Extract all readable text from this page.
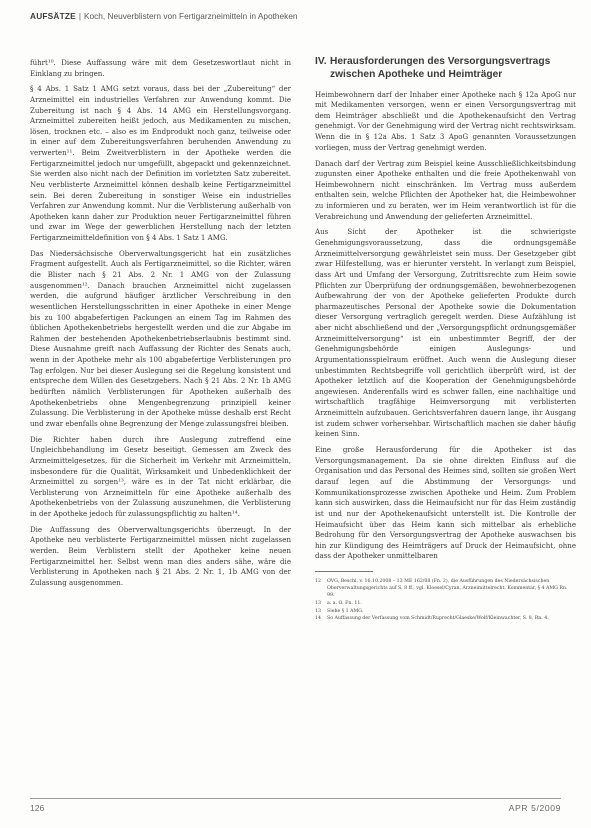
AUFSÄTZE | Koch, Neuverblistern von Fertigarzneimitteln in Apotheken

führt¹⁰. Diese Auffassung wäre mit dem Gesetzeswortlaut nicht in Einklang zu bringen.

§ 4 Abs. 1 Satz 1 AMG setzt voraus, dass bei der „Zubereitung“ der Arzneimittel ein industrielles Verfahren zur Anwendung kommt. Die Zubereitung ist nach § 4 Abs. 14 AMG ein Herstellungsvorgang. Arzneimittel zubereiten heißt jedoch, aus Medikamenten zu mischen, lösen, trocknen etc. – also es im Endprodukt noch ganz, teilweise oder in einer auf dem Zubereitungsverfahren beruhenden Anwendung zu verwerten¹¹. Beim Zweitverblistern in der Apotheke werden die Fertigarzneimittel jedoch nur umgefüllt, abgepackt und gekennzeichnet. Sie werden also nicht nach der Definition im vorletzten Satz zubereitet. Neu verblisterte Arzneimittel können deshalb keine Fertigarzneimittel sein. Bei deren Zubereitung in sonstiger Weise ein industrielles Verfahren zur Anwendung kommt. Nur die Verblisterung außerhalb von Apotheken kann daher zur Produktion neuer Fertigarzneimittel führen und zwar im Wege der gewerblichen Herstellung nach der letzten Fertigarzneimitteldefinition von § 4 Abs. 1 Satz 1 AMG.

Das Niedersächsische Oberverwaltungsgericht hat ein zusätzliches Fragment aufgestellt. Auch als Fertigarzneimittel, so die Richter, wären die Blister nach § 21 Abs. 2 Nr. 1 AMG von der Zulassung ausgenommen¹². Danach brauchen Arzneimittel nicht zugelassen werden, die aufgrund häufiger ärztlicher Verschreibung in den wesentlichen Herstellungsschritten in einer Apotheke in einer Menge bis zu 100 abgabefertigen Packungen an einem Tag im Rahmen des üblichen Apothekenbetriebs hergestellt werden und die zur Abgabe im Rahmen der bestehenden Apothekenbetriebserlaubnis bestimmt sind. Diese Ausnahme greift nach Auffassung der Richter des Senats auch, wenn in der Apotheke mehr als 100 abgabefertige Verblisterungen pro Tag erfolgen. Nur bei dieser Auslegung sei die Regelung konsistent und entspreche dem Willen des Gesetzgebers. Nach § 21 Abs. 2 Nr. 1b AMG bedürften nämlich Verblisterungen für Apotheken außerhalb des Apothekenbetriebs ohne Mengenbegrenzung prinzipiell keiner Zulassung. Die Verblisterung in der Apotheke müsse deshalb erst Recht und zwar ebenfalls ohne Begrenzung der Menge zulassungsfrei bleiben.

Die Richter haben durch ihre Auslegung zutreffend eine Ungleichbehandlung im Gesetz beseitigt. Gemessen am Zweck des Arzneimittelgesetzes, für die Sicherheit im Verkehr mit Arzneimitteln, insbesondere für die Qualität, Wirksamkeit und Unbedenklichkeit der Arzneimittel zu sorgen¹³, wäre es in der Tat nicht erklärbar, die Verblisterung von Arzneimitteln für eine Apotheke außerhalb des Apothekenbetriebs von der Zulassung auszunehmen, die Verblisterung in der Apotheke jedoch für zulassungspflichtig zu halten¹⁴.

Die Auffassung des Oberverwaltungsgerichts überzeugt. In der Apotheke neu verblisterte Fertigarzneimittel müssen nicht zugelassen werden. Beim Verblistern stellt der Apotheker keine neuen Fertigarzneimittel her. Selbst wenn man dies anders sähe, wäre die Verblisterung in Apotheken nach § 21 Abs. 2 Nr. 1, 1b AMG von der Zulassung ausgenommen.

IV. Herausforderungen des Versorgungsvertrags zwischen Apotheke und Heimträger

Heimbewohnern darf der Inhaber einer Apotheke nach § 12a ApoG nur mit Medikamenten versorgen, wenn er einen Versorgungsvertrag mit dem Heimträger abschließt und die Apothekenaufsicht den Vertrag genehmigt. Vor der Genehmigung wird der Vertrag nicht rechtswirksam. Wenn die in § 12a Abs. 1 Satz 3 ApoG genannten Voraussetzungen vorliegen, muss der Vertrag genehmigt werden.

Danach darf der Vertrag zum Beispiel keine Ausschließlichkeitsbindung zugunsten einer Apotheke enthalten und die freie Apothekenwahl von Heimbewohnern nicht einschränken. Im Vertrag muss außerdem enthalten sein, welche Pflichten der Apotheker hat, die Heimbewohner zu informieren und zu beraten, wer im Heim verantwortlich ist für die Verabreichung und Anwendung der gelieferten Arzneimittel.

Aus Sicht der Apotheker ist die schwierigste Genehmigungsvoraussetzung, dass die ordnungsgemäße Arzneimittelversorgung gewährleistet sein muss. Der Gesetzgeber gibt zwar Hilfestellung, was er hierunter versteht. In verlangt zum Beispiel, dass Art und Umfang der Versorgung, Zutrittsrechte zum Heim sowie Pflichten zur Überprüfung der ordnungsgemäßen, bewohnerbezogenen Aufbewahrung der von der Apotheke gelieferten Produkte durch pharmazeutisches Personal der Apotheke sowie die Dokumentation dieser Versorgung vertraglich geregelt werden. Diese Aufzählung ist aber nicht abschließend und der „Versorgungspflicht ordnungsgemäßer Arzneimittelversorgung“ ist ein unbestimmter Begriff, der der Genehmigungsbehörde einigen Auslegungs- und Argumentationsspielraum eröffnet. Auch wenn die Auslegung dieser unbestimmten Rechtsbegriffe voll gerichtlich überprüft wird, ist der Apotheker letztlich auf die Kooperation der Genehmigungsbehörde angewiesen. Anderenfalls wird es schwer fallen, eine nachhaltige und wirtschaftlich tragfähige Heimversorgung mit verblisterten Arzneimitteln aufzubauen. Gerichtsverfahren dauern lange, ihr Ausgang ist zudem schwer vorhersehbar. Wirtschaftlich machen sie daher häufig keinen Sinn.

Eine große Herausforderung für die Apotheker ist das Versorgungsmanagement. Da sie ohne direkten Einfluss auf die Organisation und das Personal des Heimes sind, sollten sie großen Wert darauf legen auf die Abstimmung der Versorgungs- und Kommunikationsprozesse zwischen Apotheke und Heim. Zum Problem kann sich auswirken, dass die Heimaufsicht nur für das Heim zuständig ist und nur der Apothekenaufsicht unterstellt ist. Die Kontrolle der Heimaufsicht über das Heim kann sich mittelbar als erhebliche Bedrohung für den Versorgungsvertrag der Apotheke auswachsen bis hin zur Kündigung des Heimträgers auf Druck der Heimaufsicht, ohne dass der Apotheker unmittelbaren

12	OVG, Beschl. v. 16.10.2008 – 13 ME 162/08 (Fn. 2), die Ausführungen des Niedersächsischen Oberverwaltungsgerichts auf S. 8 ff., vgl. Kloesel/Cyran, Arzneimittelrecht, Kommentar, § 4 AMG Rn. 99.
13	a. a. O. Fn. 11.
13	Siehe § 1 AMG.
14	So Auffassung der Verfassung vom Schmidt/Ruprecht/Glaeske/Wolf/Kleinwachter, S. 8, Rn. 4.
126	APR 5/2009
